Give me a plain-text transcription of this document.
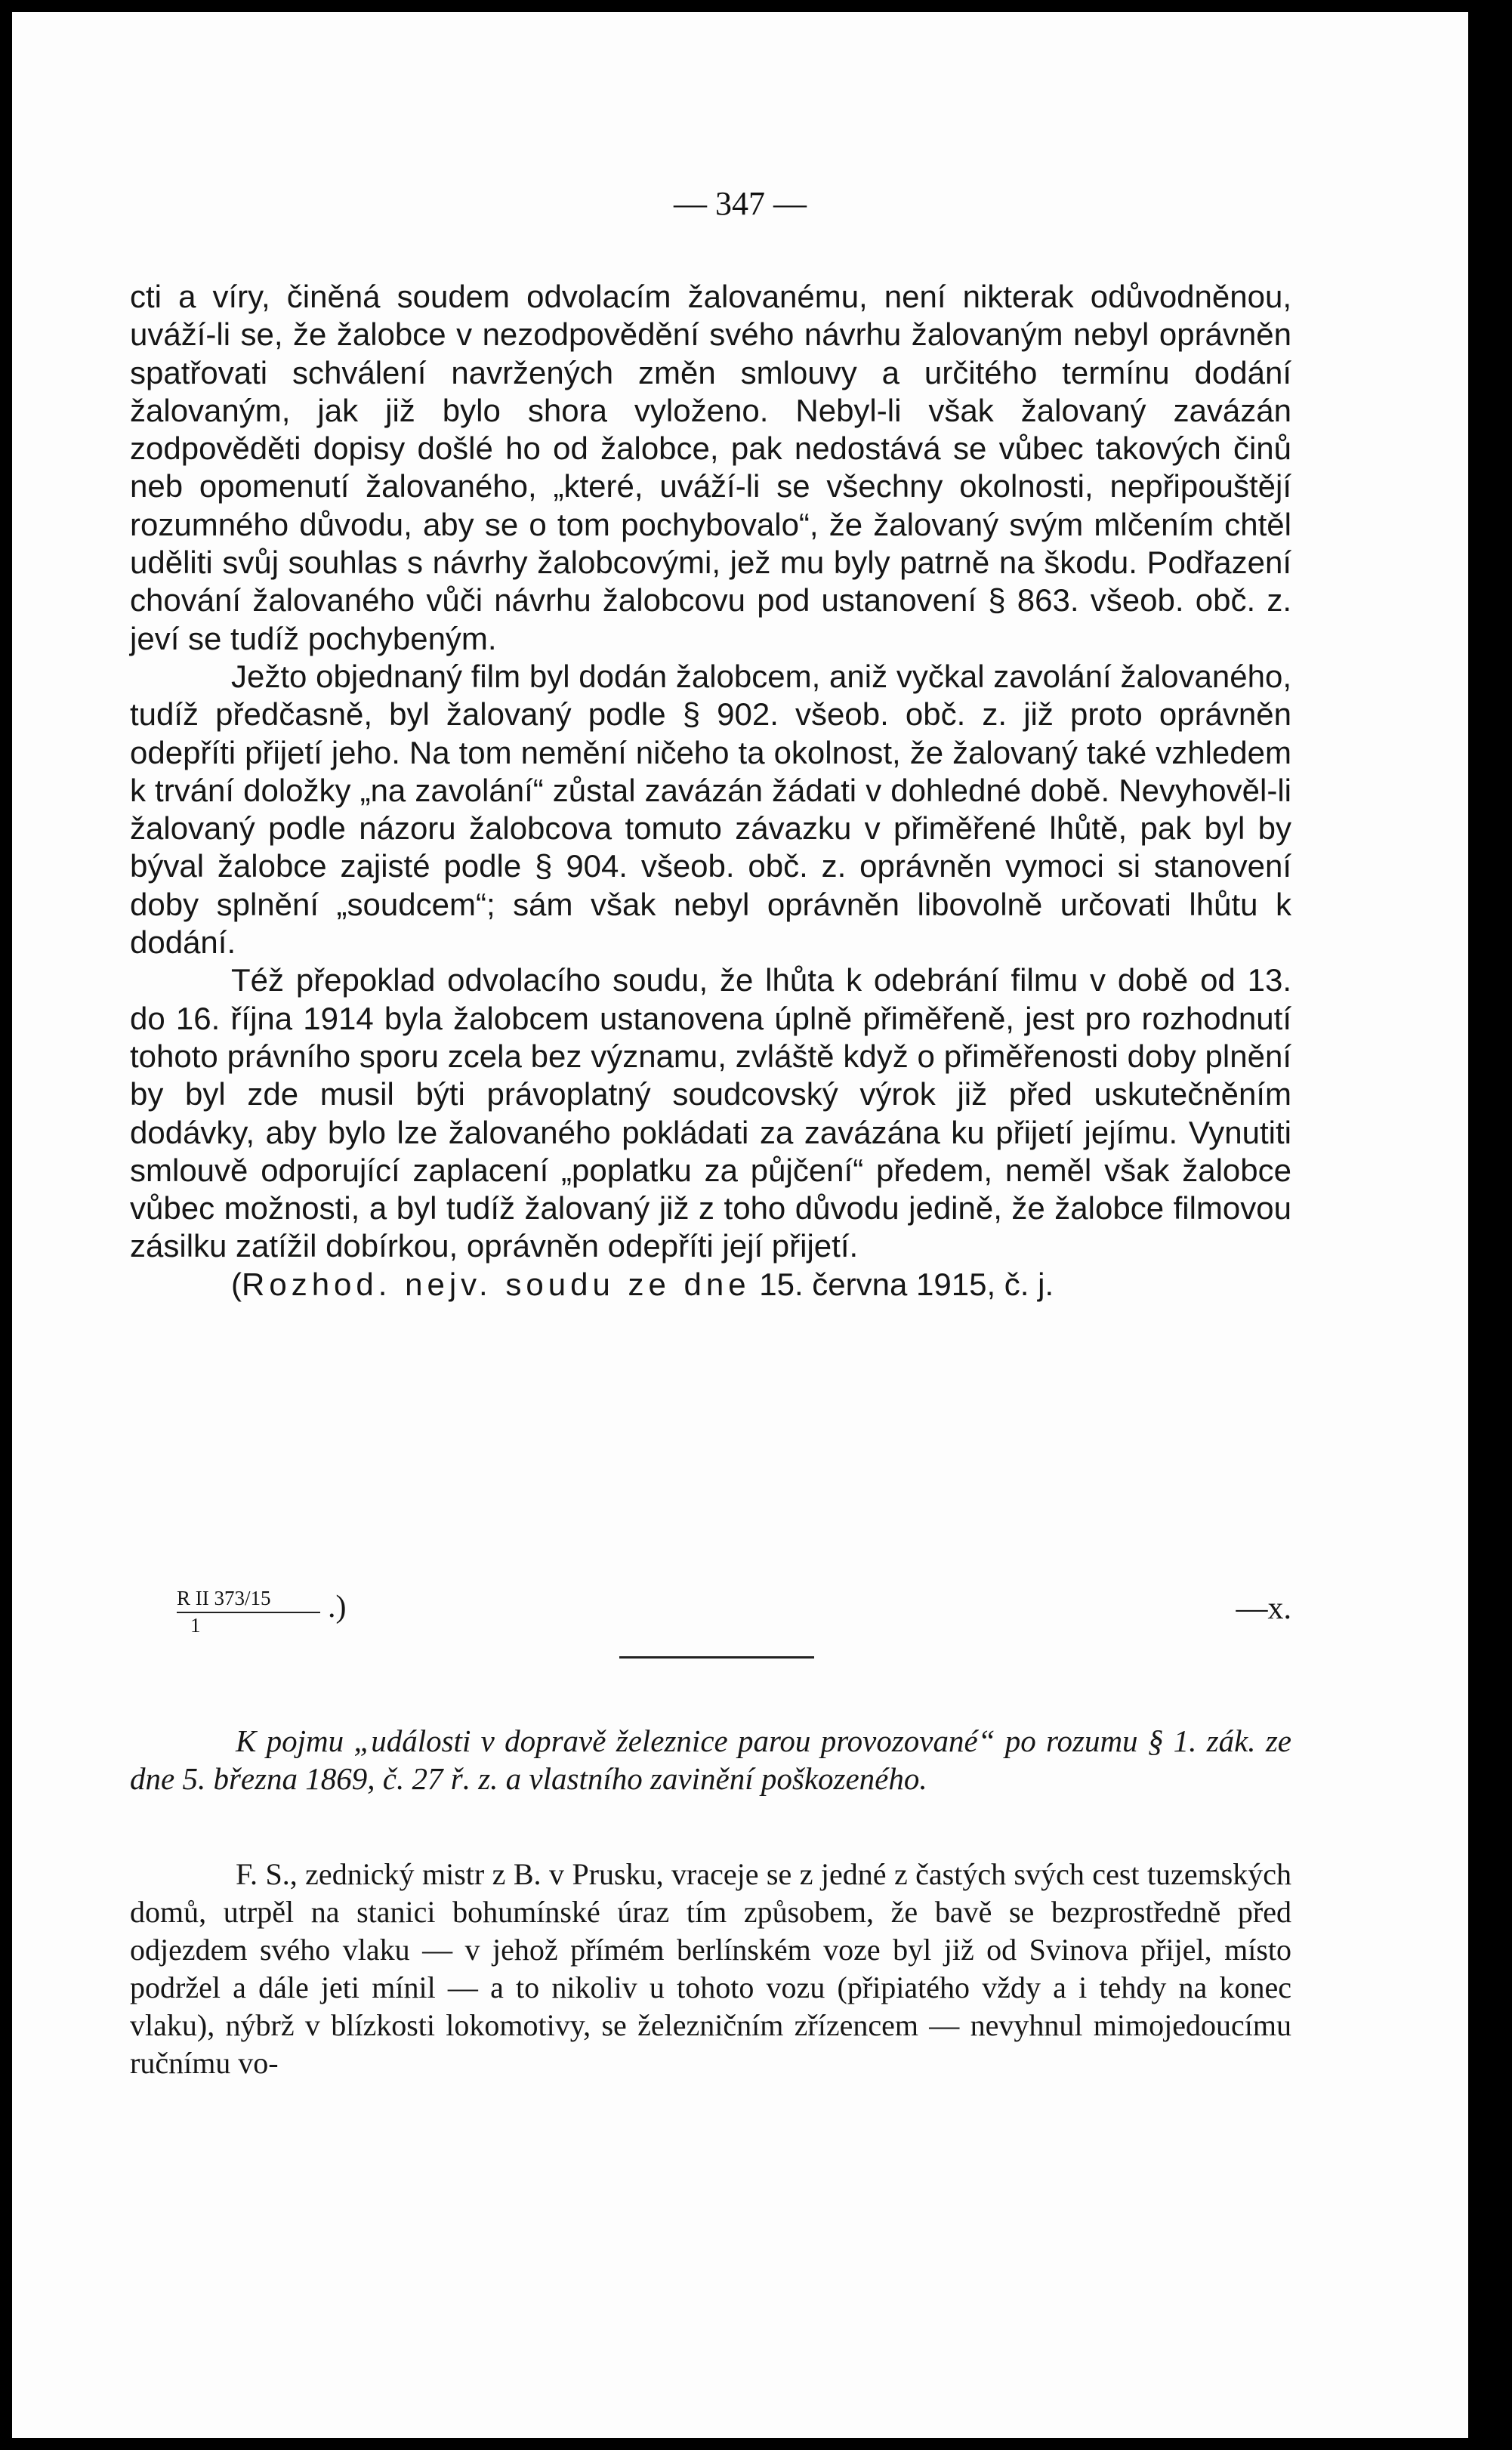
— 347 —

cti a víry, činěná soudem odvolacím žalovanému, není nikterak odůvodněnou, uváží-li se, že žalobce v nezodpovědění svého návrhu žalovaným nebyl oprávněn spatřovati schválení navržených změn smlouvy a určitého termínu dodání žalovaným, jak již bylo shora vyloženo. Nebyl-li však žalovaný zavázán zodpověděti dopisy došlé ho od žalobce, pak nedostává se vůbec takových činů neb opomenutí žalovaného, „které, uváží-li se všechny okolnosti, nepřipouštějí rozumného důvodu, aby se o tom pochybovalo“, že žalovaný svým mlčením chtěl uděliti svůj souhlas s návrhy žalobcovými, jež mu byly patrně na škodu. Podřazení chování žalovaného vůči návrhu žalobcovu pod ustanovení § 863. všeob. obč. z. jeví se tudíž pochybeným.

Ježto objednaný film byl dodán žalobcem, aniž vyčkal zavolání žalovaného, tudíž předčasně, byl žalovaný podle § 902. všeob. obč. z. již proto oprávněn odepříti přijetí jeho. Na tom nemění ničeho ta okolnost, že žalovaný také vzhledem k trvání doložky „na zavolání“ zůstal zavázán žádati v dohledné době. Nevyhověl-li žalovaný podle názoru žalobcova tomuto závazku v přiměřené lhůtě, pak byl by býval žalobce zajisté podle § 904. všeob. obč. z. oprávněn vymoci si stanovení doby splnění „soudcem“; sám však nebyl oprávněn libovolně určovati lhůtu k dodání.

Též přepoklad odvolacího soudu, že lhůta k odebrání filmu v době od 13. do 16. října 1914 byla žalobcem ustanovena úplně přiměřeně, jest pro rozhodnutí tohoto právního sporu zcela bez významu, zvláště když o přiměřenosti doby plnění by byl zde musil býti právoplatný soudcovský výrok již před uskutečněním dodávky, aby bylo lze žalovaného pokládati za zavázána ku přijetí jejímu. Vynutiti smlouvě odporující zaplacení „poplatku za půjčení“ předem, neměl však žalobce vůbec možnosti, a byl tudíž žalovaný již z toho důvodu jedině, že žalobce filmovou zásilku zatížil dobírkou, oprávněn odepříti její přijetí.

(Rozhod. nejv. soudu ze dne 15. června 1915, č. j.

$\frac{\text{R II 373/15}}{1}$ .)	—x.
K pojmu „události v dopravě železnice parou provozované“ po rozumu § 1. zák. ze dne 5. března 1869, č. 27 ř. z. a vlastního zavinění poškozeného.

F. S., zednický mistr z B. v Prusku, vraceje se z jedné z častých svých cest tuzemských domů, utrpěl na stanici bohumínské úraz tím způsobem, že bavě se bezprostředně před odjezdem svého vlaku — v jehož přímém berlínském voze byl již od Svinova přijel, místo podržel a dále jeti mínil — a to nikoliv u tohoto vozu (připiatého vždy a i tehdy na konec vlaku), nýbrž v blízkosti lokomotivy, se železničním zřízencem — nevyhnul mimojedoucímu ručnímu vo-
